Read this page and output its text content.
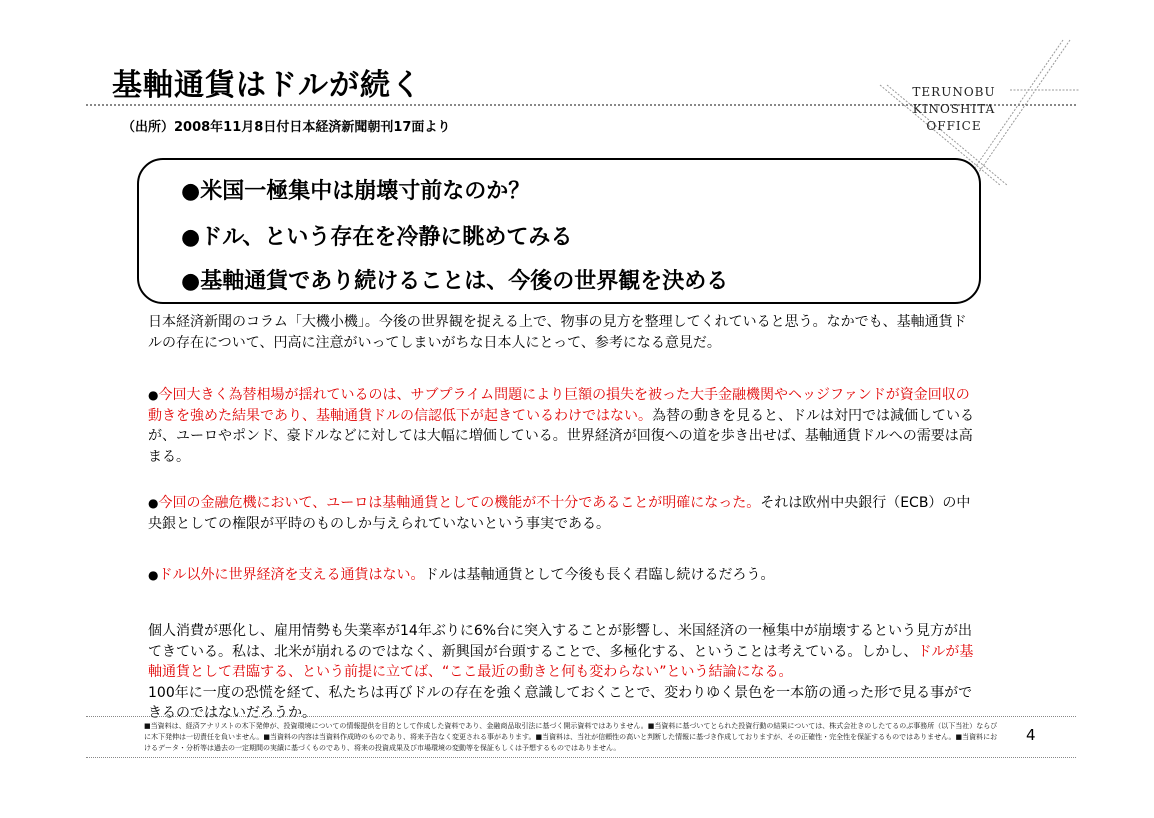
基軸通貨はドルが続く
（出所）2008年11月8日付日本経済新聞朝刊17面より
TERUNOBU
KINOSHITA
OFFICE
●米国一極集中は崩壊寸前なのか？
●ドル、という存在を冷静に眺めてみる
●基軸通貨であり続けることは、今後の世界観を決める
日本経済新聞のコラム「大機小機」。今後の世界観を捉える上で、物事の見方を整理してくれていると思う。なかでも、基軸通貨ドルの存在について、円高に注意がいってしまいがちな日本人にとって、参考になる意見だ。
●今回大きく為替相場が揺れているのは、サブプライム問題により巨額の損失を被った大手金融機関やヘッジファンドが資金回収の動きを強めた結果であり、基軸通貨ドルの信認低下が起きているわけではない。為替の動きを見ると、ドルは対円では減価しているが、ユーロやポンド、豪ドルなどに対しては大幅に増価している。世界経済が回復への道を歩き出せば、基軸通貨ドルへの需要は高まる。
●今回の金融危機において、ユーロは基軸通貨としての機能が不十分であることが明確になった。それは欧州中央銀行（ECB）の中央銀としての権限が平時のものしか与えられていないという事実である。
●ドル以外に世界経済を支える通貨はない。ドルは基軸通貨として今後も長く君臨し続けるだろう。
個人消費が悪化し、雇用情勢も失業率が14年ぶりに6%台に突入することが影響し、米国経済の一極集中が崩壊するという見方が出てきている。私は、北米が崩れるのではなく、新興国が台頭することで、多極化する、ということは考えている。しかし、ドルが基軸通貨として君臨する、という前提に立てば、“ここ最近の動きと何も変わらない”という結論になる。
100年に一度の恐慌を経て、私たちは再びドルの存在を強く意識しておくことで、変わりゆく景色を一本筋の通った形で見る事ができるのではないだろうか。
■当資料は、経済アナリストの木下発伸が、投資環境についての情報提供を目的として作成した資料であり、金融商品取引法に基づく開示資料ではありません。■当資料に基づいてとられた投資行動の結果については、株式会社きのしたてるのぶ事務所（以下当社）ならびに木下発伸は一切責任を負いません。■当資料の内容は当資料作成時のものであり、将来予告なく変更される事があります。■当資料は、当社が信頼性の高いと判断した情報に基づき作成しておりますが、その正確性・完全性を保証するものではありません。■当資料におけるデータ・分析等は過去の一定期間の実績に基づくものであり、将来の投資成果及び市場環境の変動等を保証もしくは予想するものではありません。
4
